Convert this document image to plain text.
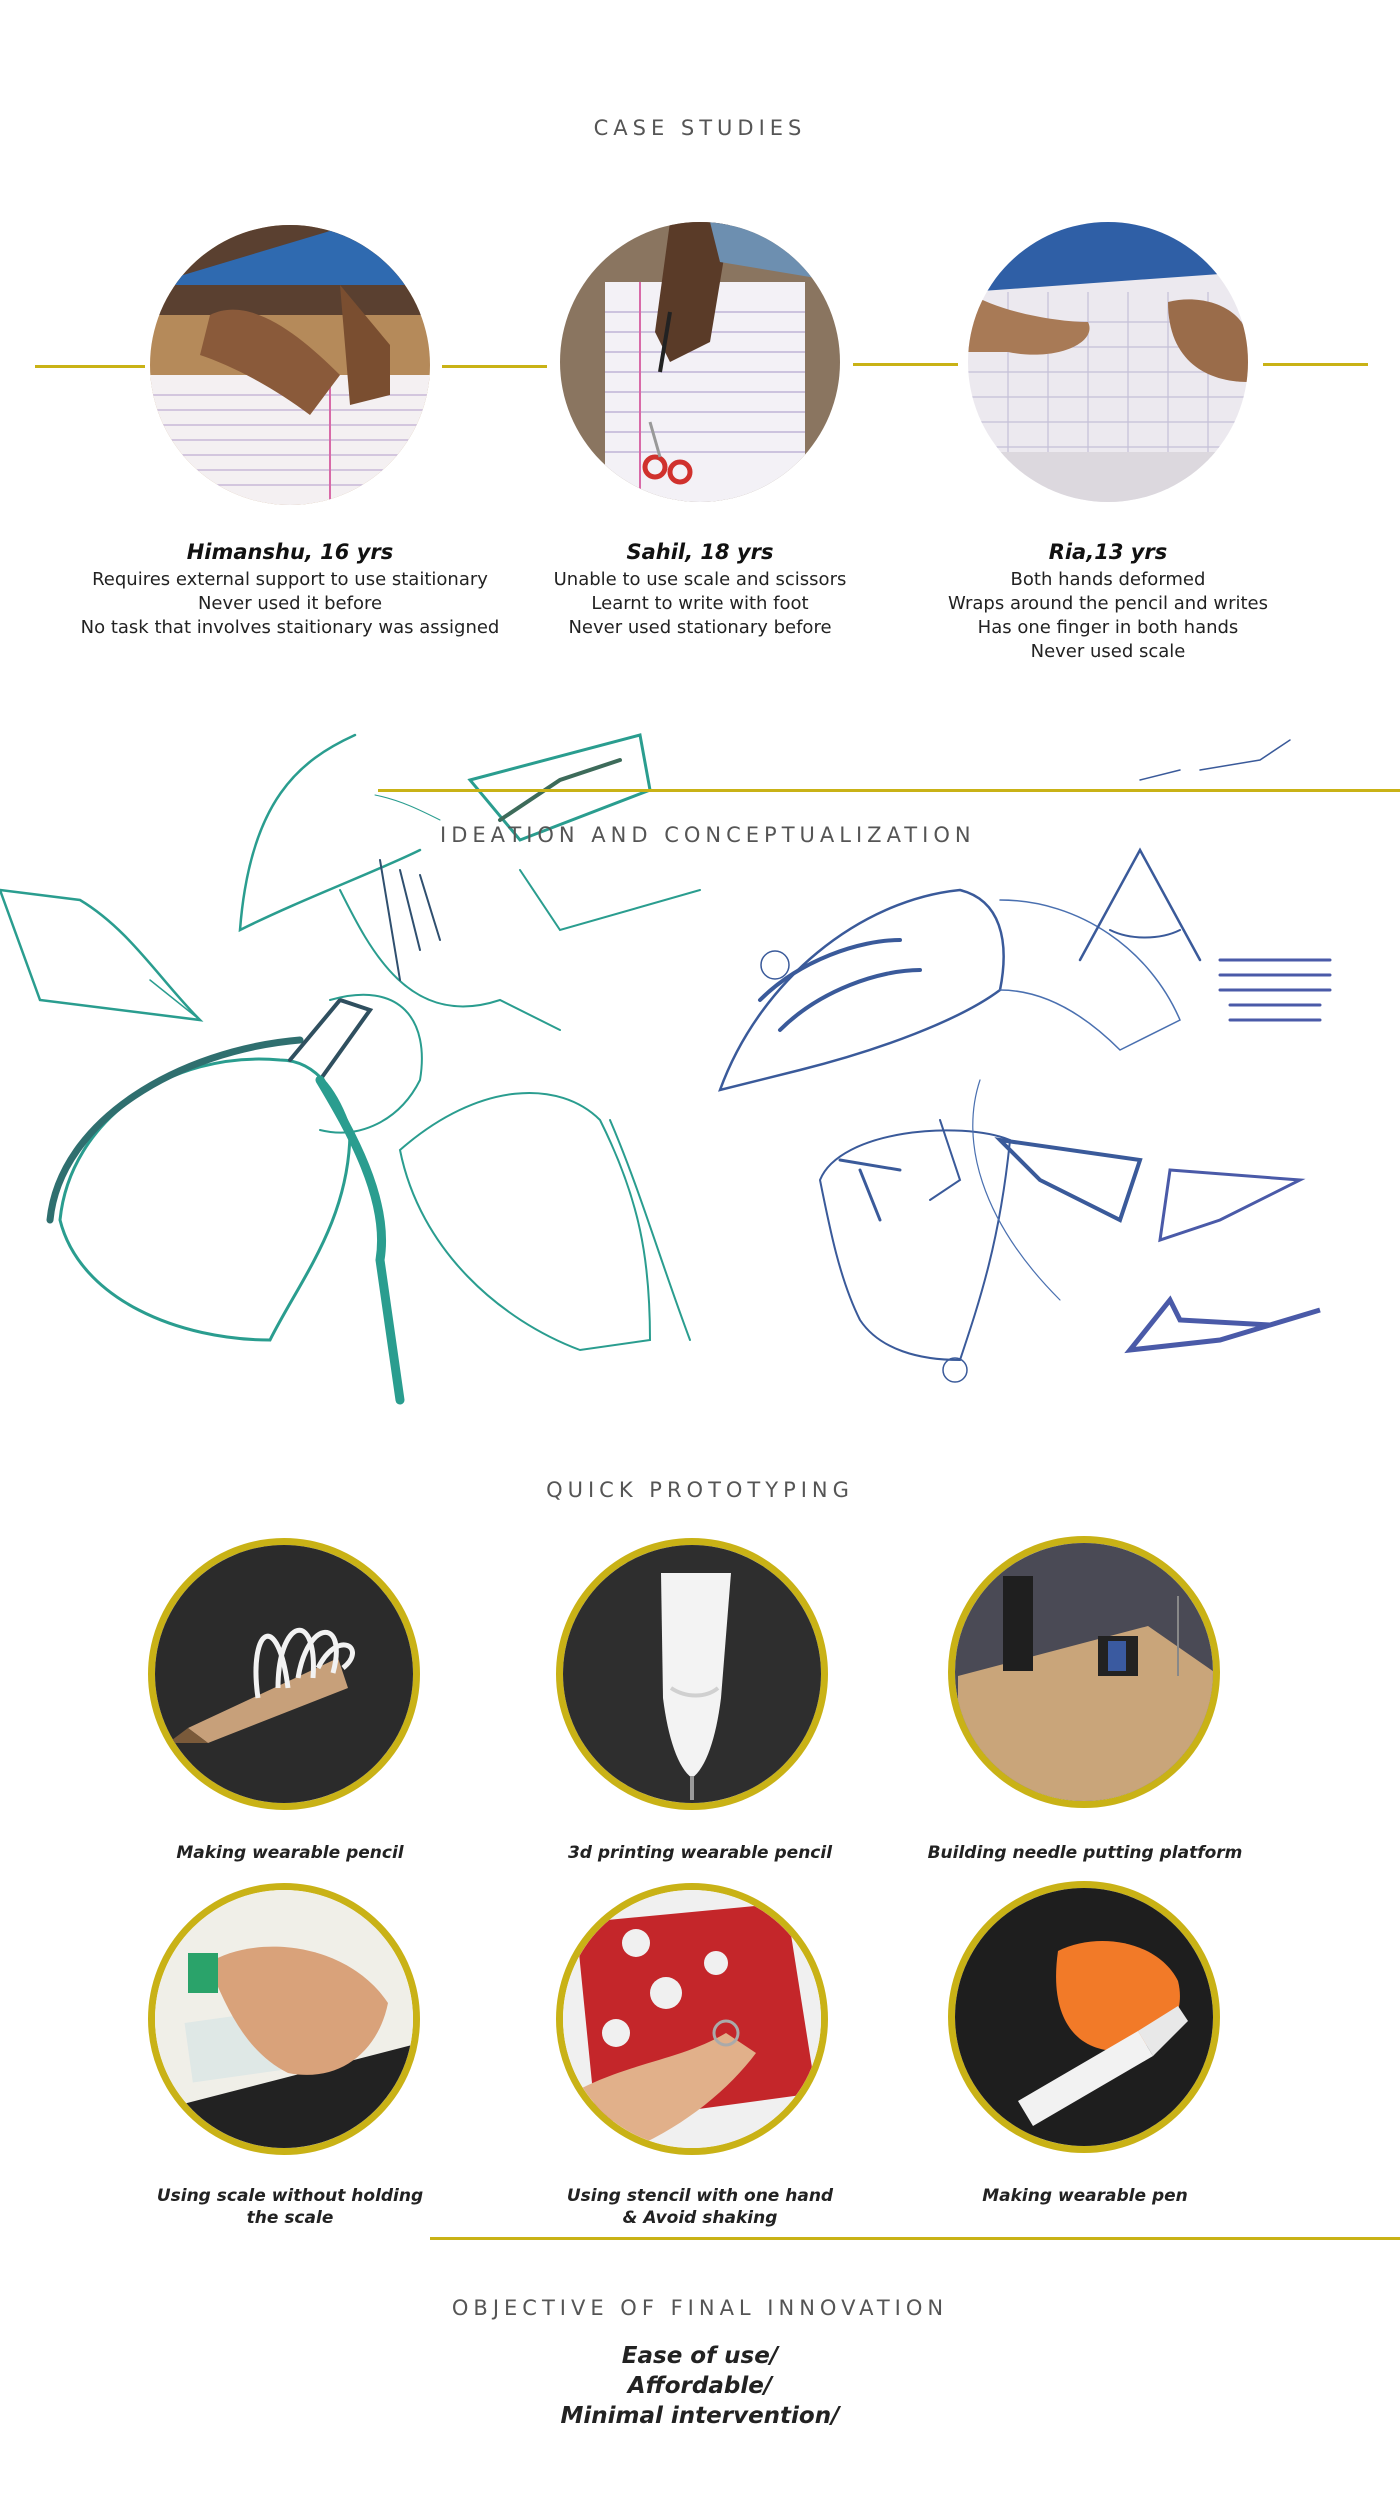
CASE STUDIES
Himanshu, 16 yrs
Requires external support to use staitionary
Never used it before
No task that involves staitionary was assigned
Sahil, 18 yrs
Unable to use scale and scissors
Learnt to write with foot
Never used stationary before
Ria,13 yrs
Both hands deformed
Wraps around the pencil and writes
Has one finger in both hands
Never used scale
IDEATION AND CONCEPTUALIZATION
QUICK PROTOTYPING
Making wearable pencil	3d printing wearable pencil	Building needle putting platform
Using scale without holding
the scale
Using stencil with one hand
& Avoid shaking
Making wearable pen
OBJECTIVE OF FINAL INNOVATION
Ease of use/
Affordable/
Minimal intervention/
